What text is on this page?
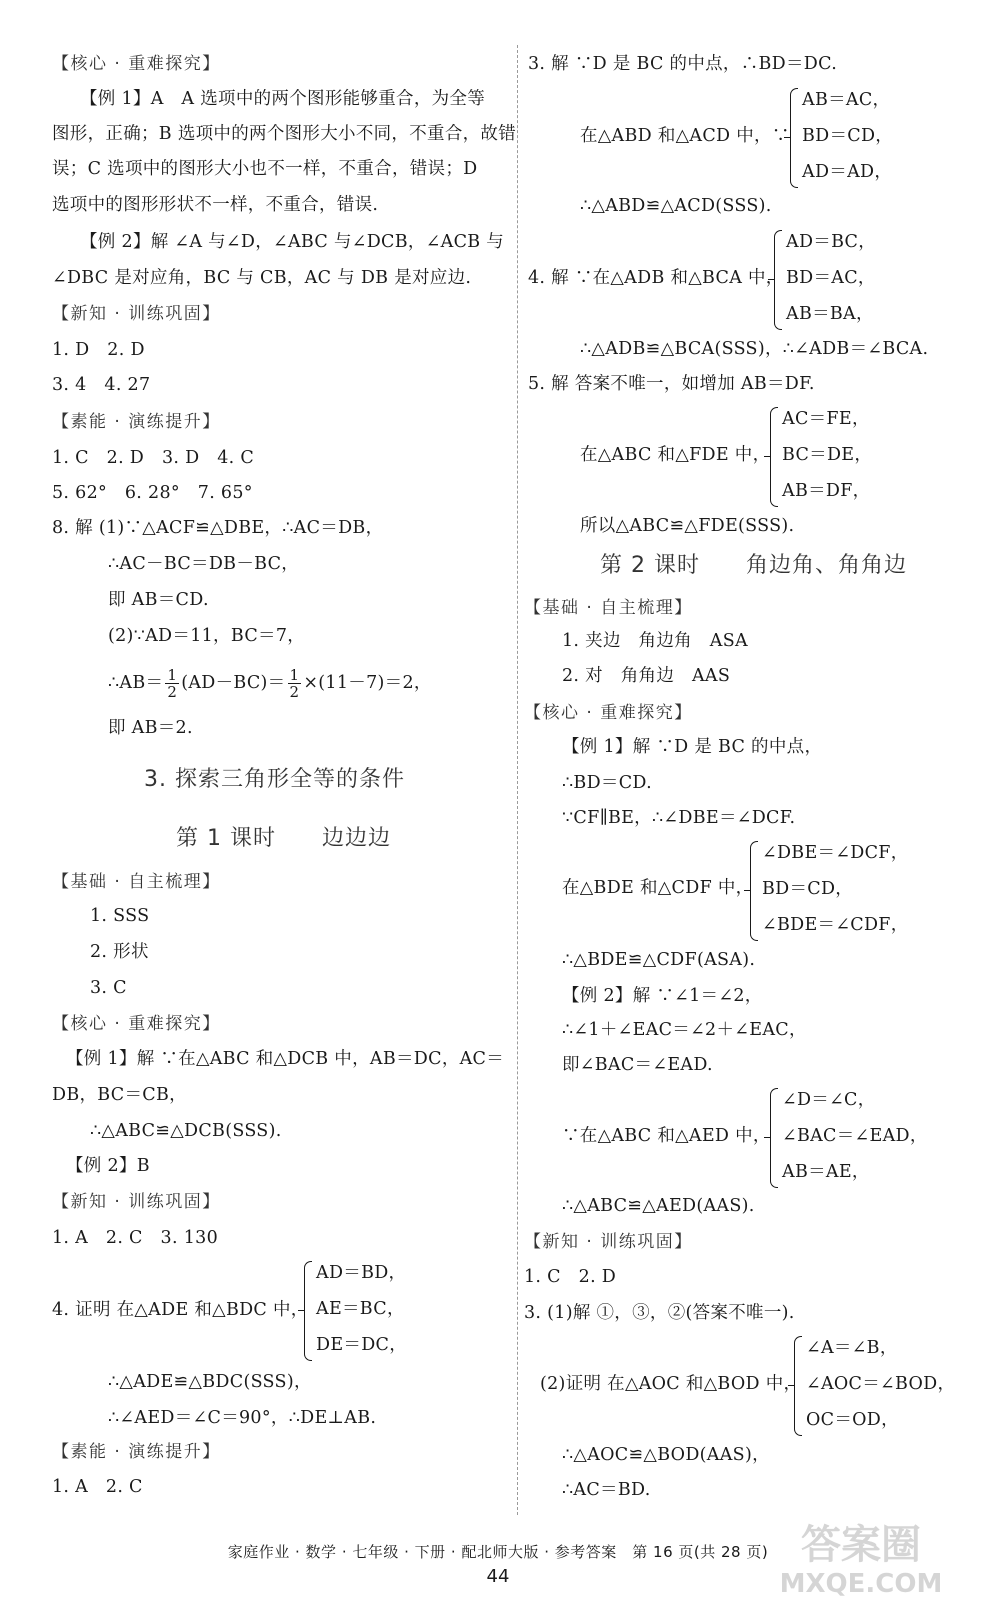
【核心 · 重难探究】
【例 1】A　A 选项中的两个图形能够重合，为全等
图形，正确；B 选项中的两个图形大小不同，不重合，故错
误；C 选项中的图形大小也不一样，不重合，错误；D
选项中的图形形状不一样，不重合，错误.
【例 2】解 ∠A 与∠D，∠ABC 与∠DCB，∠ACB 与
∠DBC 是对应角，BC 与 CB，AC 与 DB 是对应边.
【新知 · 训练巩固】
1. D　2. D
3. 4　4. 27
【素能 · 演练提升】
1. C　2. D　3. D　4. C
5. 62°　6. 28°　7. 65°
8. 解 (1)∵△ACF≌△DBE，∴AC＝DB，
∴AC－BC＝DB－BC，
即 AB＝CD.
(2)∵AD＝11，BC＝7，
∴AB＝ $\frac{1}{2} (AD-BC)= \frac{1}{2} \times(11-7)=2$，
即 AB＝2.
3. 探索三角形全等的条件
第 1 课时　　边边边
【基础 · 自主梳理】
1. SSS
2. 形状
3. C
【核心 · 重难探究】
【例 1】解 ∵在△ABC 和△DCB 中，AB＝DC，AC＝
DB，BC＝CB，
∴△ABC≌△DCB(SSS).
【例 2】B
【新知 · 训练巩固】
1. A　2. C　3. 130
4. 证明 在△ADE 和△BDC 中，
AD＝BD，
AE＝BC，
DE＝DC，
∴△ADE≌△BDC(SSS)，
∴∠AED＝∠C＝90°，∴DE⊥AB.
【素能 · 演练提升】
1. A　2. C
3. 解 ∵D 是 BC 的中点，∴BD＝DC.
在△ABD 和△ACD 中，∵
AB＝AC，
BD＝CD，
AD＝AD，
∴△ABD≌△ACD(SSS).
4. 解 ∵在△ADB 和△BCA 中，
AD＝BC，
BD＝AC，
AB＝BA，
∴△ADB≌△BCA(SSS)，∴∠ADB＝∠BCA.
5. 解 答案不唯一，如增加 AB＝DF.
在△ABC 和△FDE 中，
AC＝FE，
BC＝DE，
AB＝DF，
所以△ABC≌△FDE(SSS).
第 2 课时　　角边角、角角边
【基础 · 自主梳理】
1. 夹边　角边角　ASA
2. 对　角角边　AAS
【核心 · 重难探究】
【例 1】解 ∵D 是 BC 的中点，
∴BD＝CD.
∵CF∥BE，∴∠DBE＝∠DCF.
在△BDE 和△CDF 中，
∠DBE＝∠DCF，
BD＝CD，
∠BDE＝∠CDF，
∴△BDE≌△CDF(ASA).
【例 2】解 ∵∠1＝∠2，
∴∠1＋∠EAC＝∠2＋∠EAC，
即∠BAC＝∠EAD.
∵在△ABC 和△AED 中，
∠D＝∠C，
∠BAC＝∠EAD，
AB＝AE，
∴△ABC≌△AED(AAS).
【新知 · 训练巩固】
1. C　2. D
3. (1)解 ①，③，②(答案不唯一).
(2)证明 在△AOC 和△BOD 中，
∠A＝∠B，
∠AOC＝∠BOD，
OC＝OD，
∴△AOC≌△BOD(AAS)，
∴AC＝BD.
家庭作业 · 数学 · 七年级 · 下册 · 配北师大版 · 参考答案　第 16 页(共 28 页)
44
答案圈
MXQE.COM
